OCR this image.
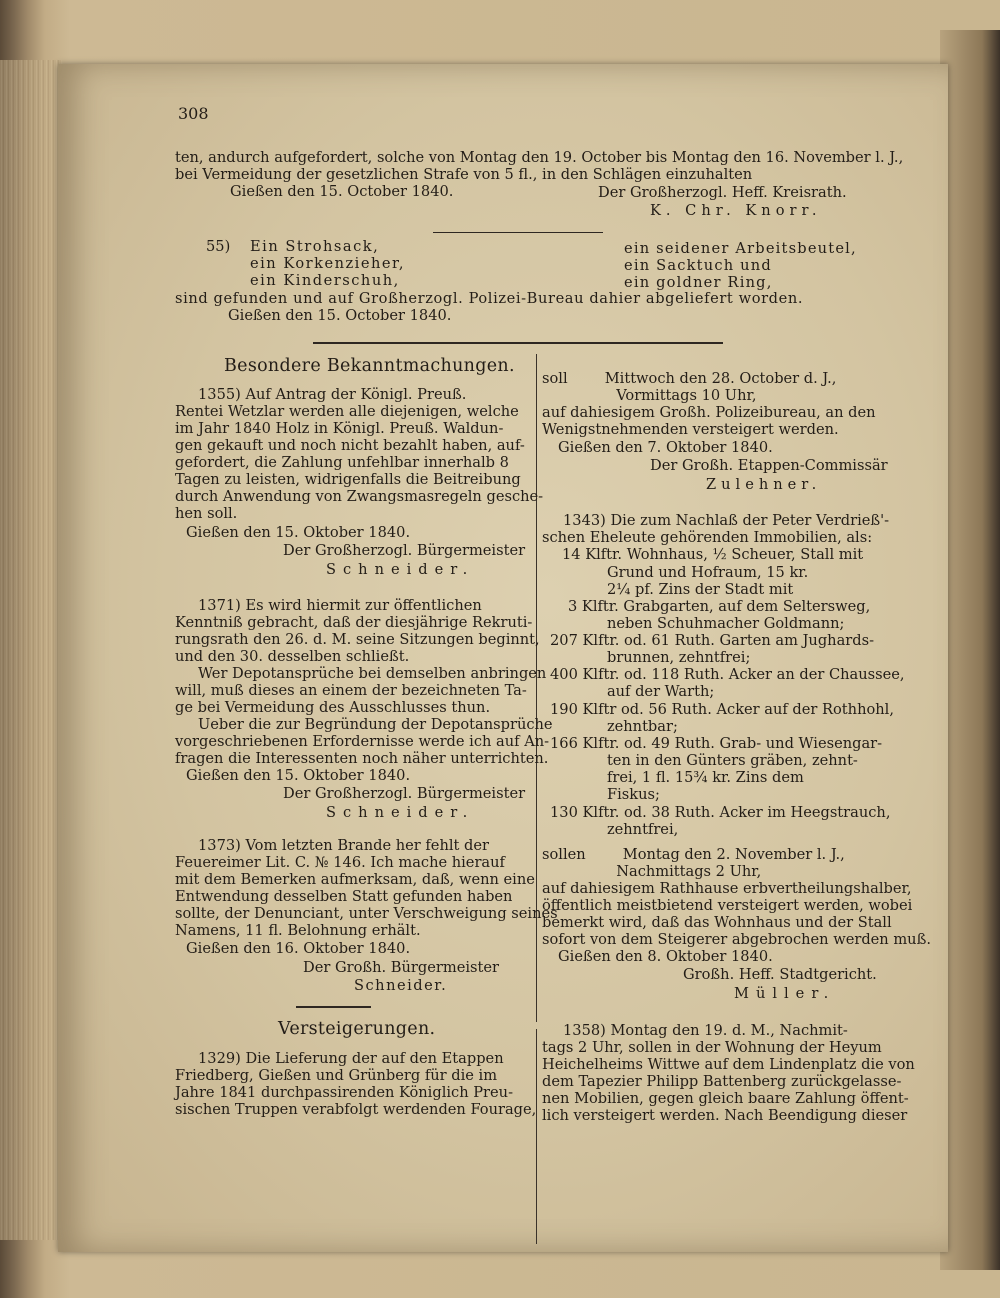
308
ten, andurch aufgefordert, solche von Montag den 19. October bis Montag den 16. November l. J.,
bei Vermeidung der gesetzlichen Strafe von 5 fl., in den Schlägen einzuhalten
Gießen den 15. October 1840.	Der Großherzogl. Heff. Kreisrath.
K. Chr. Knorr.
55) Ein Strohsack,
ein Korkenzieher,
ein Kinderschuh,
ein seidener Arbeitsbeutel,
ein Sacktuch und
ein goldner Ring,
sind gefunden und auf Großherzogl. Polizei-Bureau dahier abgeliefert worden.
Gießen den 15. October 1840.
Besondere Bekanntmachungen.
1355) Auf Antrag der Königl. Preuß.
Rentei Wetzlar werden alle diejenigen, welche
im Jahr 1840 Holz in Königl. Preuß. Waldun-
gen gekauft und noch nicht bezahlt haben, auf-
gefordert, die Zahlung unfehlbar innerhalb 8
Tagen zu leisten, widrigenfalls die Beitreibung
durch Anwendung von Zwangsmasregeln gesche-
hen soll.
Gießen den 15. Oktober 1840.
Der Großherzogl. Bürgermeister
Schneider.
1371) Es wird hiermit zur öffentlichen
Kenntniß gebracht, daß der diesjährige Rekruti-
rungsrath den 26. d. M. seine Sitzungen beginnt,
und den 30. desselben schließt.
Wer Depotansprüche bei demselben anbringen
will, muß dieses an einem der bezeichneten Ta-
ge bei Vermeidung des Ausschlusses thun.
Ueber die zur Begründung der Depotansprüche
vorgeschriebenen Erfordernisse werde ich auf An-
fragen die Interessenten noch näher unterrichten.
Gießen den 15. Oktober 1840.
Der Großherzogl. Bürgermeister
Schneider.
1373) Vom letzten Brande her fehlt der
Feuereimer Lit. C. № 146. Ich mache hierauf
mit dem Bemerken aufmerksam, daß, wenn eine
Entwendung desselben Statt gefunden haben
sollte, der Denunciant, unter Verschweigung seines
Namens, 11 fl. Belohnung erhält.
Gießen den 16. Oktober 1840.
Der Großh. Bürgermeister
Schneider.
Versteigerungen.
1329) Die Lieferung der auf den Etappen
Friedberg, Gießen und Grünberg für die im
Jahre 1841 durchpassirenden Königlich Preu-
sischen Truppen verabfolgt werdenden Fourage,
soll        Mittwoch den 28. October d. J.,
Vormittags 10 Uhr,
auf dahiesigem Großh. Polizeibureau, an den
Wenigstnehmenden versteigert werden.
Gießen den 7. Oktober 1840.
Der Großh. Etappen-Commissär
Zulehner.
1343) Die zum Nachlaß der Peter Verdrieß'-
schen Eheleute gehörenden Immobilien, als:
14 Klftr. Wohnhaus, ½ Scheuer, Stall mit
Grund und Hofraum, 15 kr.
2¼ pf. Zins der Stadt mit
3 Klftr. Grabgarten, auf dem Seltersweg,
neben Schuhmacher Goldmann;
207 Klftr. od. 61 Ruth. Garten am Jughards-
brunnen, zehntfrei;
400 Klftr. od. 118 Ruth. Acker an der Chaussee,
auf der Warth;
190 Klftr od. 56 Ruth. Acker auf der Rothhohl,
zehntbar;
166 Klftr. od. 49 Ruth. Grab- und Wiesengar-
ten in den Günters gräben, zehnt-
frei, 1 fl. 15¾ kr. Zins dem
Fiskus;
130 Klftr. od. 38 Ruth. Acker im Heegstrauch,
zehntfrei,
sollen        Montag den 2. November l. J.,
Nachmittags 2 Uhr,
auf dahiesigem Rathhause erbvertheilungshalber,
öffentlich meistbietend versteigert werden, wobei
bemerkt wird, daß das Wohnhaus und der Stall
sofort von dem Steigerer abgebrochen werden muß.
Gießen den 8. Oktober 1840.
Großh. Heff. Stadtgericht.
Müller.
1358) Montag den 19. d. M., Nachmit-
tags 2 Uhr, sollen in der Wohnung der Heyum
Heichelheims Wittwe auf dem Lindenplatz die von
dem Tapezier Philipp Battenberg zurückgelasse-
nen Mobilien, gegen gleich baare Zahlung öffent-
lich versteigert werden. Nach Beendigung dieser
